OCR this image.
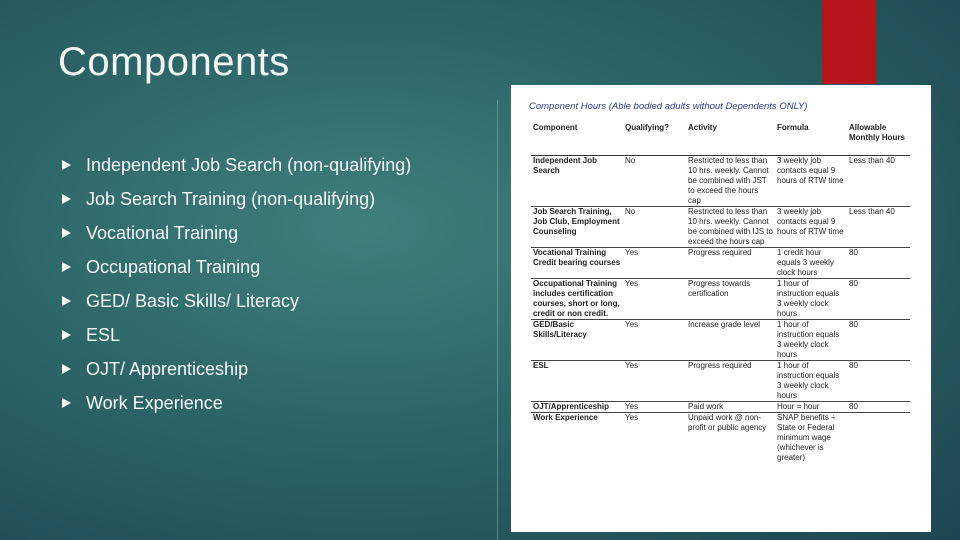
Components
Independent Job Search (non-qualifying)
Job Search Training (non-qualifying)
Vocational Training
Occupational Training
GED/ Basic Skills/ Literacy
ESL
OJT/ Apprenticeship
Work Experience
Component Hours (Able bodied adults without Dependents ONLY)
Component	Qualifying?	Activity	Formula	Allowable Monthly Hours
Independent Job Search	No	Restricted to less than 10 hrs. weekly. Cannot be combined with JST to exceed the hours cap	3 weekly job contacts equal 9 hours of RTW time	Less than 40
Job Search Training, Job Club, Employment Counseling	No	Restricted to less than 10 hrs. weekly. Cannot be combined with IJS to exceed the hours cap	3 weekly job contacts equal 9 hours of RTW time	Less than 40
Vocational Training Credit bearing courses	Yes	Progress required	1 credit hour equals 3 weekly clock hours	80
Occupational Training includes certification courses, short or long, credit or non credit.	Yes	Progress towards certification	1 hour of instruction equals 3 weekly clock hours	80
GED/Basic Skills/Literacy	Yes	Increase grade level	1 hour of instruction equals 3 weekly clock hours	80
ESL	Yes	Progress required	1 hour of instruction equals 3 weekly clock hours	80
OJT/Apprenticeship	Yes	Paid work	Hour = hour	80
Work Experience	Yes	Unpaid work @ non-profit or public agency	SNAP benefits ÷ State or Federal minimum wage (whichever is greater)	
